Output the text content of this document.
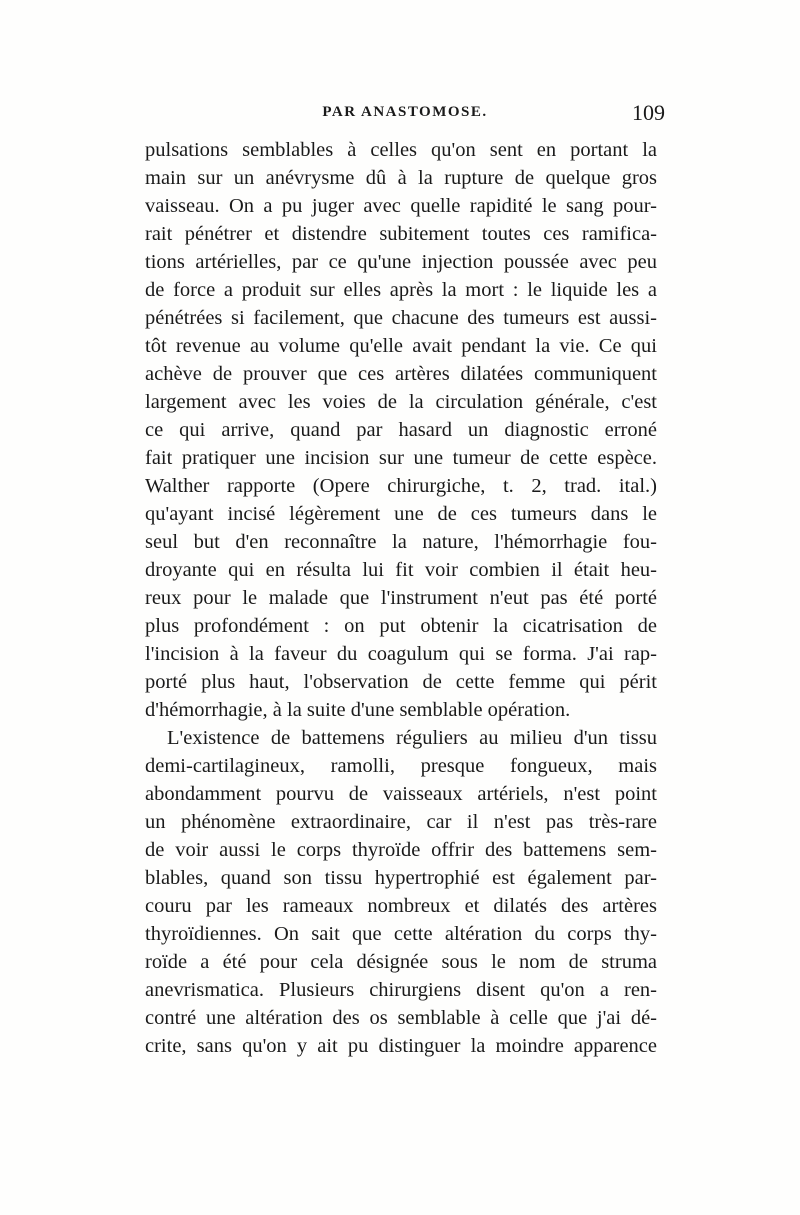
PAR ANASTOMOSE.	109
pulsations semblables à celles qu'on sent en portant la
main sur un anévrysme dû à la rupture de quelque gros
vaisseau. On a pu juger avec quelle rapidité le sang pour-
rait pénétrer et distendre subitement toutes ces ramifica-
tions artérielles, par ce qu'une injection poussée avec peu
de force a produit sur elles après la mort : le liquide les a
pénétrées si facilement, que chacune des tumeurs est aussi-
tôt revenue au volume qu'elle avait pendant la vie. Ce qui
achève de prouver que ces artères dilatées communiquent
largement avec les voies de la circulation générale, c'est
ce qui arrive, quand par hasard un diagnostic erroné
fait pratiquer une incision sur une tumeur de cette espèce.
Walther rapporte (Opere chirurgiche, t. 2, trad. ital.)
qu'ayant incisé légèrement une de ces tumeurs dans le
seul but d'en reconnaître la nature, l'hémorrhagie fou-
droyante qui en résulta lui fit voir combien il était heu-
reux pour le malade que l'instrument n'eut pas été porté
plus profondément : on put obtenir la cicatrisation de
l'incision à la faveur du coagulum qui se forma. J'ai rap-
porté plus haut, l'observation de cette femme qui périt
d'hémorrhagie, à la suite d'une semblable opération.
L'existence de battemens réguliers au milieu d'un tissu
demi-cartilagineux, ramolli, presque fongueux, mais
abondamment pourvu de vaisseaux artériels, n'est point
un phénomène extraordinaire, car il n'est pas très-rare
de voir aussi le corps thyroïde offrir des battemens sem-
blables, quand son tissu hypertrophié est également par-
couru par les rameaux nombreux et dilatés des artères
thyroïdiennes. On sait que cette altération du corps thy-
roïde a été pour cela désignée sous le nom de struma
anevrismatica. Plusieurs chirurgiens disent qu'on a ren-
contré une altération des os semblable à celle que j'ai dé-
crite, sans qu'on y ait pu distinguer la moindre apparence
